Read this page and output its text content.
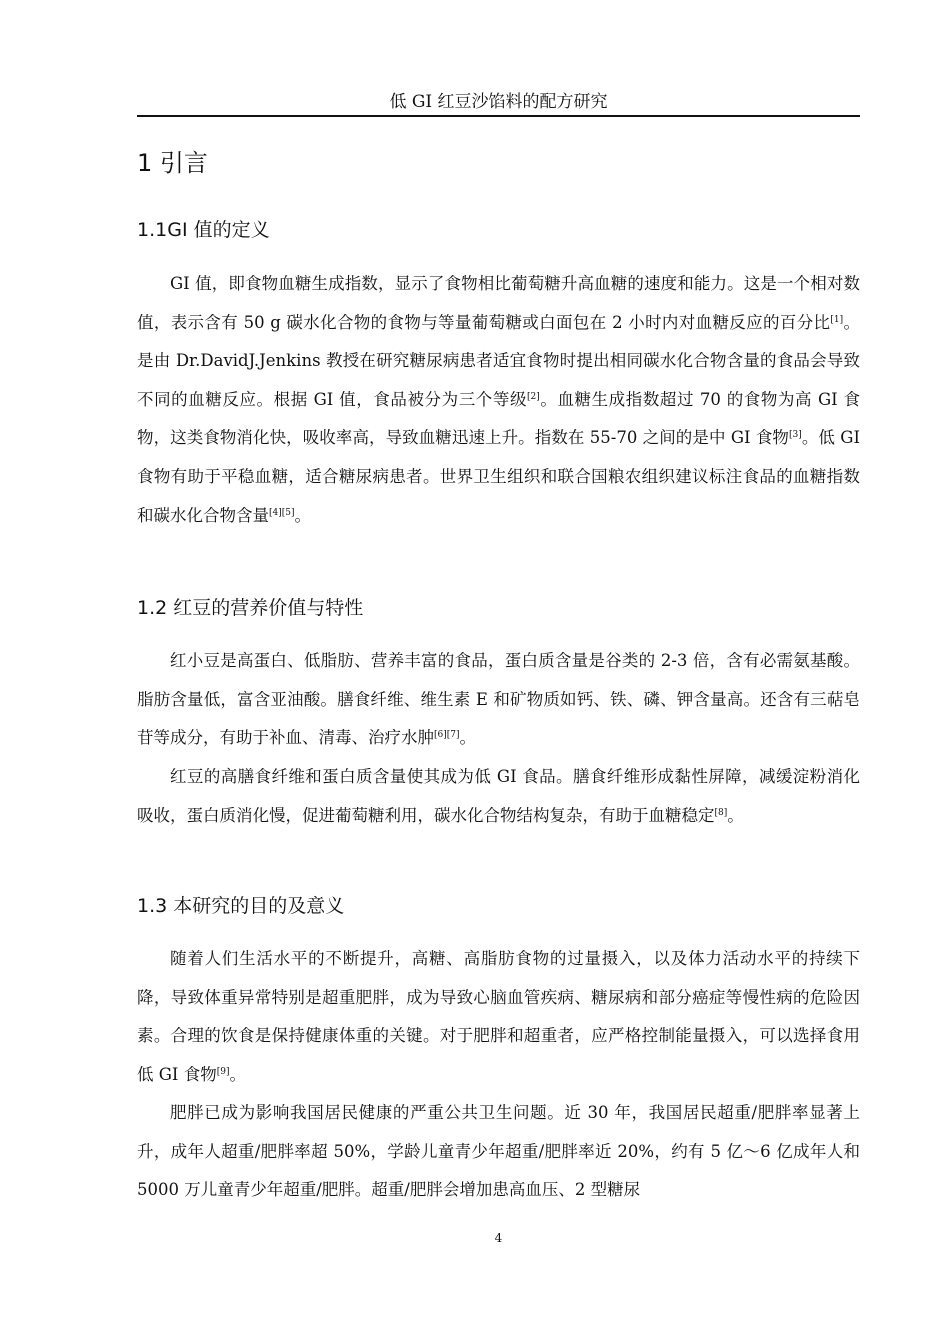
低 GI 红豆沙馅料的配方研究
1 引言
1.1GI 值的定义

GI 值，即食物血糖生成指数，显示了食物相比葡萄糖升高血糖的速度和能力。这是一个相对数值，表示含有 50 g 碳水化合物的食物与等量葡萄糖或白面包在 2 小时内对血糖反应的百分比[1]。是由 Dr.DavidJ.Jenkins 教授在研究糖尿病患者适宜食物时提出相同碳水化合物含量的食品会导致不同的血糖反应。根据 GI 值，食品被分为三个等级[2]。血糖生成指数超过 70 的食物为高 GI 食物，这类食物消化快，吸收率高，导致血糖迅速上升。指数在 55-70 之间的是中 GI 食物[3]。低 GI 食物有助于平稳血糖，适合糖尿病患者。世界卫生组织和联合国粮农组织建议标注食品的血糖指数和碳水化合物含量[4][5]。

1.2 红豆的营养价值与特性

红小豆是高蛋白、低脂肪、营养丰富的食品，蛋白质含量是谷类的 2-3 倍，含有必需氨基酸。脂肪含量低，富含亚油酸。膳食纤维、维生素 E 和矿物质如钙、铁、磷、钾含量高。还含有三萜皂苷等成分，有助于补血、清毒、治疗水肿[6][7]。

红豆的高膳食纤维和蛋白质含量使其成为低 GI 食品。膳食纤维形成黏性屏障，减缓淀粉消化吸收，蛋白质消化慢，促进葡萄糖利用，碳水化合物结构复杂，有助于血糖稳定[8]。

1.3 本研究的目的及意义

随着人们生活水平的不断提升，高糖、高脂肪食物的过量摄入，以及体力活动水平的持续下降，导致体重异常特别是超重肥胖，成为导致心脑血管疾病、糖尿病和部分癌症等慢性病的危险因素。合理的饮食是保持健康体重的关键。对于肥胖和超重者，应严格控制能量摄入，可以选择食用低 GI 食物[9]。

肥胖已成为影响我国居民健康的严重公共卫生问题。近 30 年，我国居民超重/肥胖率显著上升，成年人超重/肥胖率超 50%，学龄儿童青少年超重/肥胖率近 20%，约有 5 亿～6 亿成年人和 5000 万儿童青少年超重/肥胖。超重/肥胖会增加患高血压、2 型糖尿

4
